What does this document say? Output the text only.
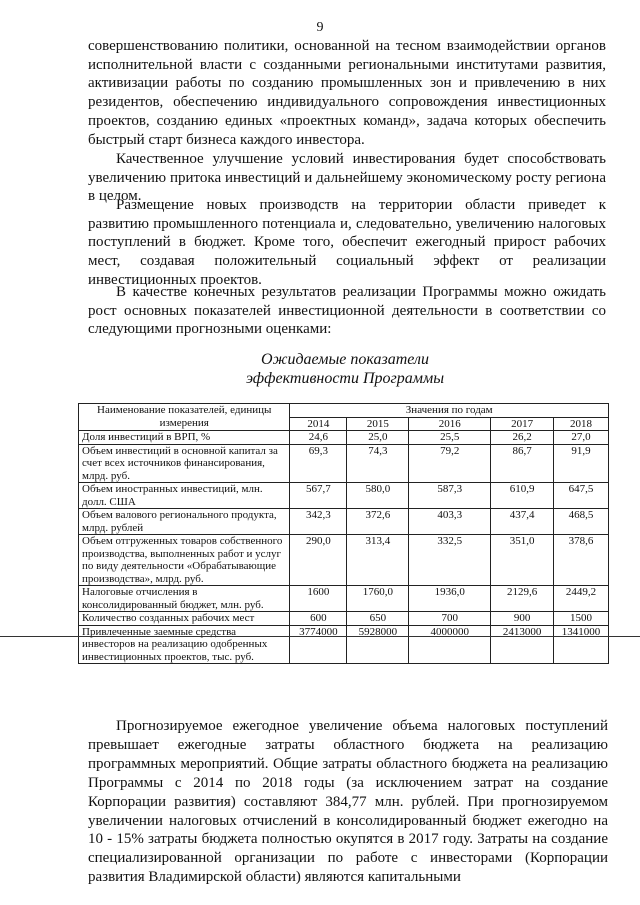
9

совершенствованию политики, основанной на тесном взаимодействии органов исполнительной власти с созданными региональными институтами развития, активизации работы по созданию промышленных зон и привлечению в них резидентов, обеспечению индивидуального сопровождения инвестиционных проектов, созданию единых «проектных команд», задача которых обеспечить быстрый старт бизнеса каждого инвестора.

Качественное улучшение условий инвестирования будет способствовать увеличению притока инвестиций и дальнейшему экономическому росту региона в целом.

Размещение новых производств на территории области приведет к развитию промышленного потенциала и, следовательно, увеличению налоговых поступлений в бюджет. Кроме того, обеспечит ежегодный прирост рабочих мест, создавая положительный социальный эффект от реализации инвестиционных проектов.

В качестве конечных результатов реализации Программы можно ожидать рост основных показателей инвестиционной деятельности в соответствии со следующими прогнозными оценками:

Ожидаемые показатели
эффективности Программы
Наименование показателей, единицы измерения	Значения по годам				
	2014	2015	2016	2017	2018
Доля инвестиций в ВРП, %	24,6	25,0	25,5	26,2	27,0
Объем инвестиций в основной капитал за счет всех источников финансирования, млрд. руб.	69,3	74,3	79,2	86,7	91,9
Объем иностранных инвестиций, млн. долл. США	567,7	580,0	587,3	610,9	647,5
Объем валового регионального продукта, млрд. рублей	342,3	372,6	403,3	437,4	468,5
Объем отгруженных товаров собственного производства, выполненных работ и услуг по виду деятельности «Обрабатывающие производства», млрд. руб.	290,0	313,4	332,5	351,0	378,6
Налоговые отчисления в консолидированный бюджет, млн. руб.	1600	1760,0	1936,0	2129,6	2449,2
Количество созданных рабочих мест	600	650	700	900	1500
Привлеченные заемные средства инвесторов на реализацию одобренных инвестиционных проектов, тыс. руб.	3774000	5928000	4000000	2413000	1341000

Прогнозируемое ежегодное увеличение объема налоговых поступлений превышает ежегодные затраты областного бюджета на реализацию программных мероприятий. Общие затраты областного бюджета на реализацию Программы с 2014 по 2018 годы (за исключением затрат на создание Корпорации развития) составляют 384,77 млн. рублей. При прогнозируемом увеличении налоговых отчислений в консолидированный бюджет ежегодно на 10 - 15% затраты бюджета полностью окупятся в 2017 году. Затраты на создание специализированной организации по работе с инвесторами (Корпорации развития Владимирской области) являются капитальными
